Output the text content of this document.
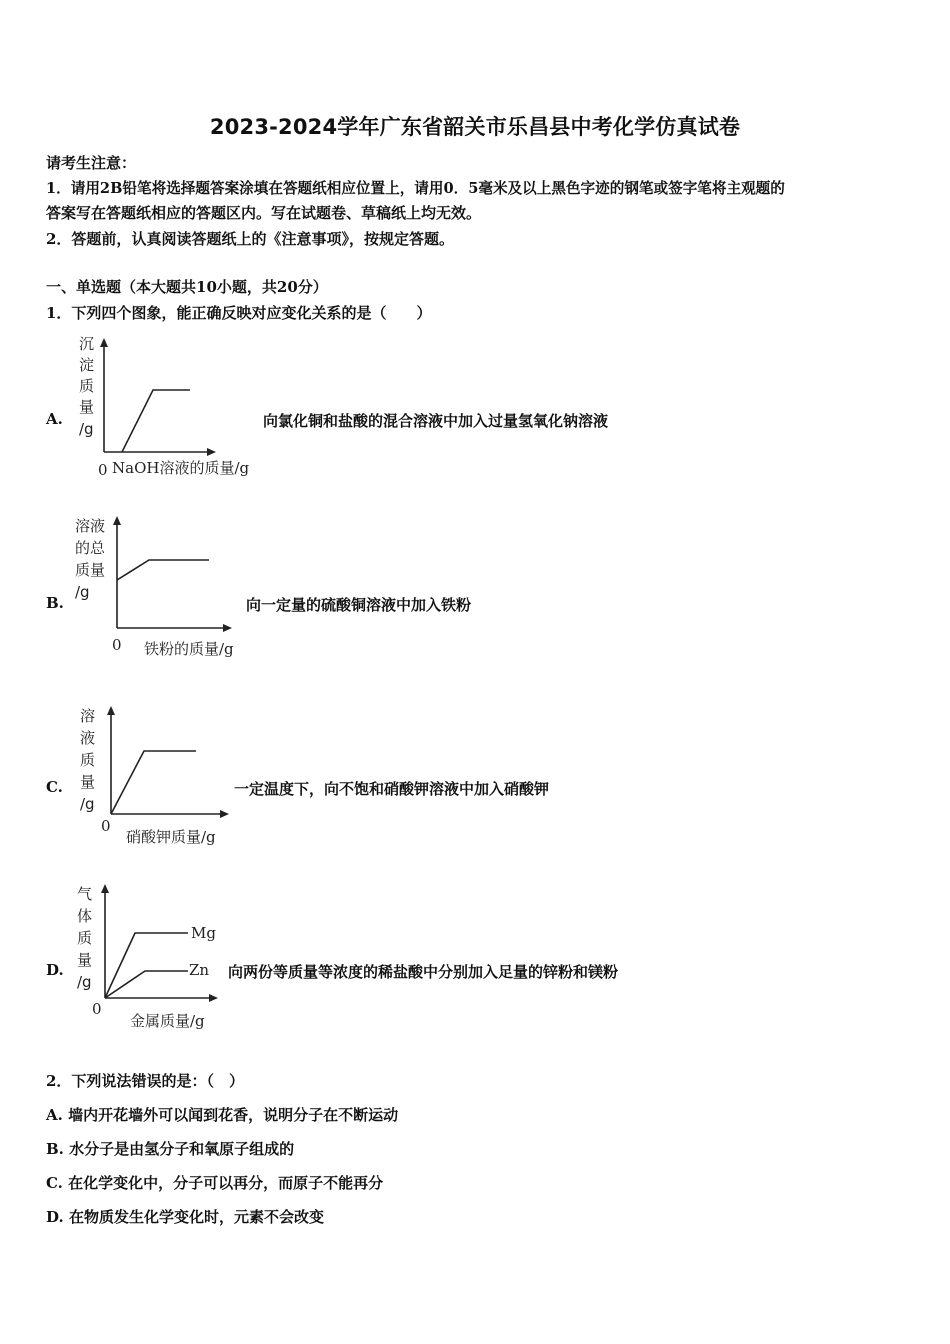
2023-2024学年广东省韶关市乐昌县中考化学仿真试卷
请考生注意：
1．请用2B铅笔将选择题答案涂填在答题纸相应位置上，请用0．5毫米及以上黑色字迹的钢笔或签字笔将主观题的
答案写在答题纸相应的答题区内。写在试题卷、草稿纸上均无效。
2．答题前，认真阅读答题纸上的《注意事项》，按规定答题。
一、单选题（本大题共10小题，共20分）
1．下列四个图象，能正确反映对应变化关系的是（　　）
A.
沉
淀
质
量
/g
0 NaOH溶液的质量/g
向氯化铜和盐酸的混合溶液中加入过量氢氧化钠溶液
B.
溶液
的总
质量
/g
0 铁粉的质量/g
向一定量的硫酸铜溶液中加入铁粉
C.
溶
液
质
量
/g
0
硝酸钾质量/g
一定温度下，向不饱和硝酸钾溶液中加入硝酸钾
D.
气
体
质
量
/g
Mg
Zn
0
金属质量/g
向两份等质量等浓度的稀盐酸中分别加入足量的锌粉和镁粉
2．下列说法错误的是：（　）
A. 墙内开花墙外可以闻到花香，说明分子在不断运动
B. 水分子是由氢分子和氧原子组成的
C. 在化学变化中，分子可以再分，而原子不能再分
D. 在物质发生化学变化时，元素不会改变
